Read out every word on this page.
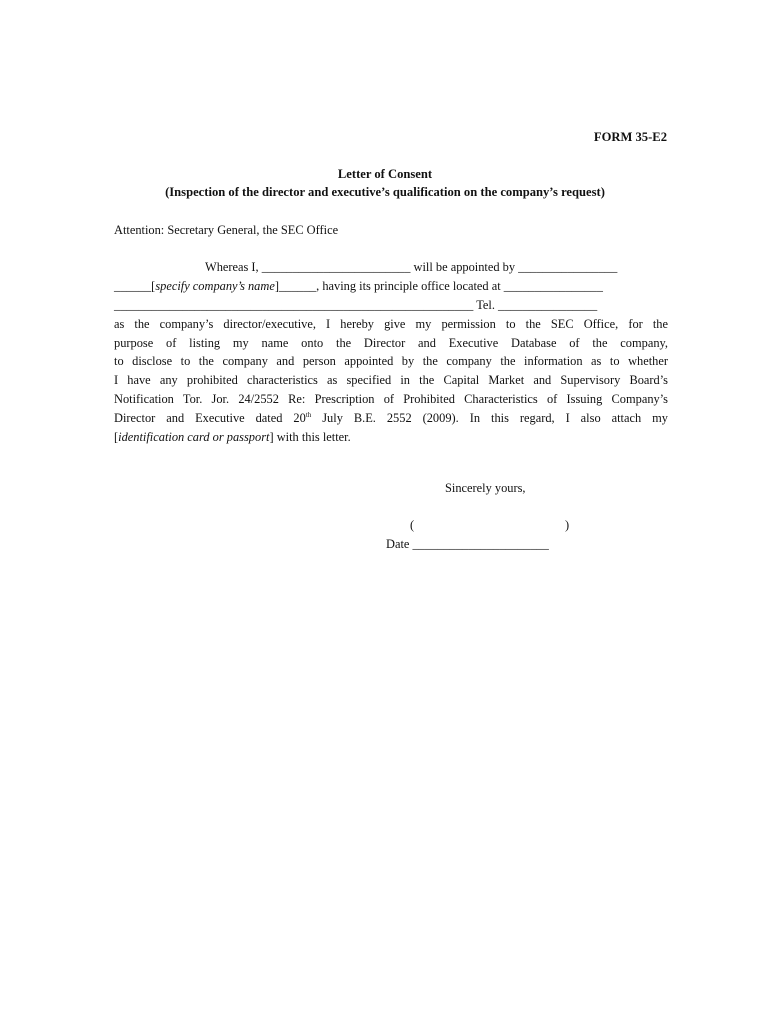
FORM 35-E2
Letter of Consent
(Inspection of the director and executive’s qualification on the company’s request)
Attention: Secretary General, the SEC Office
Whereas I, ________________________ will be appointed by ________________
______[specify company’s name]______, having its principle office located at ________________
__________________________________________________________ Tel. ________________
as the company’s director/executive, I hereby give my permission to the SEC Office, for the
purpose of listing my name onto the Director and Executive Database of the company,
to disclose to the company and person appointed by the company the information as to whether
I have any prohibited characteristics as specified in the Capital Market and Supervisory Board’s
Notification Tor. Jor. 24/2552 Re: Prescription of Prohibited Characteristics of Issuing Company’s
Director and Executive dated 20th July B.E. 2552 (2009). In this regard, I also attach my
[identification card or passport] with this letter.
Sincerely yours,
(	)
Date ______________________
